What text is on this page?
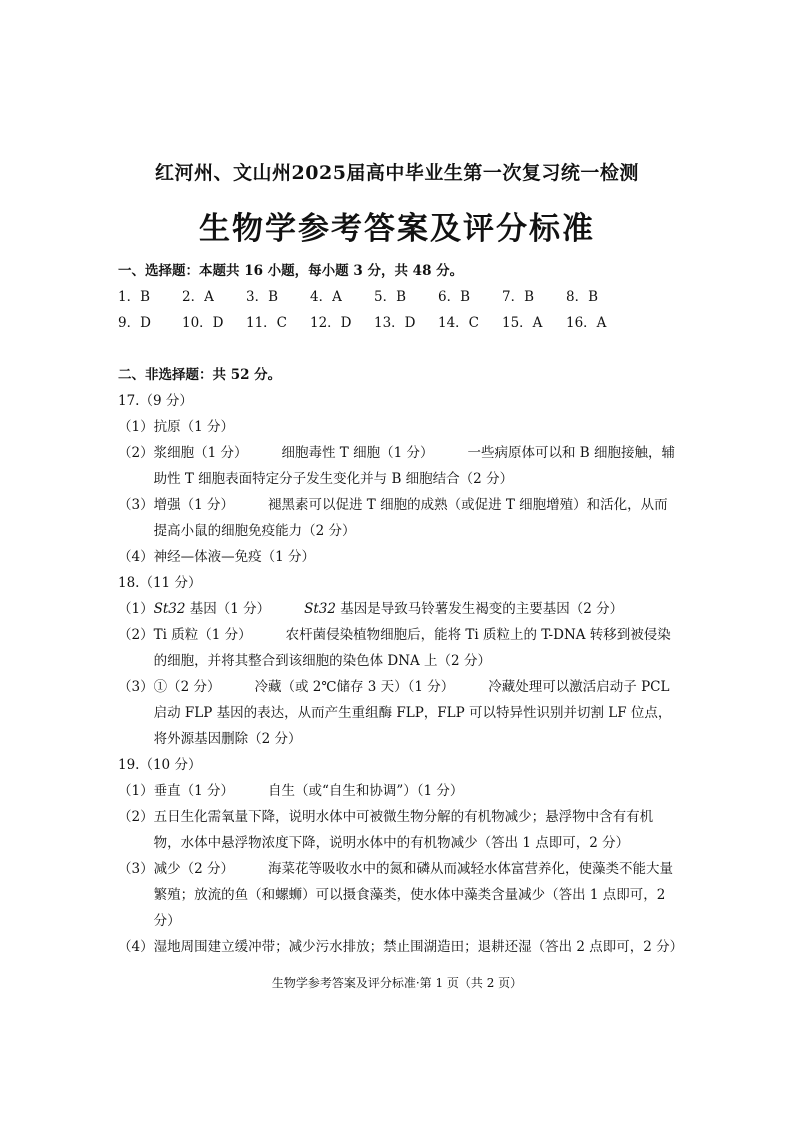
红河州、文山州2025届高中毕业生第一次复习统一检测
生物学参考答案及评分标准
一、选择题：本题共 16 小题，每小题 3 分，共 48 分。
1．B	2．A	3．B	4．A	5．B	6．B	7．B	8．B
9．D	10．D	11．C	12．D	13．D	14．C	15．A	16．A
二、非选择题：共 52 分。
17.（9 分）
（1） 抗原（1 分）
（2） 浆细胞（1 分）	细胞毒性 T 细胞（1 分）	一些病原体可以和 B 细胞接触，辅助性 T 细胞表面特定分子发生变化并与 B 细胞结合（2 分）
（3） 增强（1 分）	褪黑素可以促进 T 细胞的成熟（或促进 T 细胞增殖）和活化，从而提高小鼠的细胞免疫能力（2 分）
（4） 神经—体液—免疫（1 分）
18.（11 分）
（1） St32 基因（1 分）	St32 基因是导致马铃薯发生褐变的主要基因（2 分）
（2） Ti 质粒（1 分）	农杆菌侵染植物细胞后，能将 Ti 质粒上的 T-DNA 转移到被侵染的细胞，并将其整合到该细胞的染色体 DNA 上（2 分）
（3） ①（2 分）	冷藏（或 2℃储存 3 天）（1 分）	冷藏处理可以激活启动子 PCL 启动 FLP 基因的表达，从而产生重组酶 FLP，FLP 可以特异性识别并切割 LF 位点，将外源基因删除（2 分）
19.（10 分）
（1） 垂直（1 分）	自生（或“自生和协调”）（1 分）
（2） 五日生化需氧量下降，说明水体中可被微生物分解的有机物减少；悬浮物中含有有机物，水体中悬浮物浓度下降，说明水体中的有机物减少（答出 1 点即可，2 分）
（3） 减少（2 分）	海菜花等吸收水中的氮和磷从而减轻水体富营养化，使藻类不能大量繁殖；放流的鱼（和螺蛳）可以摄食藻类，使水体中藻类含量减少（答出 1 点即可，2 分）
（4） 湿地周围建立缓冲带；减少污水排放；禁止围湖造田；退耕还湿（答出 2 点即可，2 分）
生物学参考答案及评分标准·第 1 页（共 2 页）
